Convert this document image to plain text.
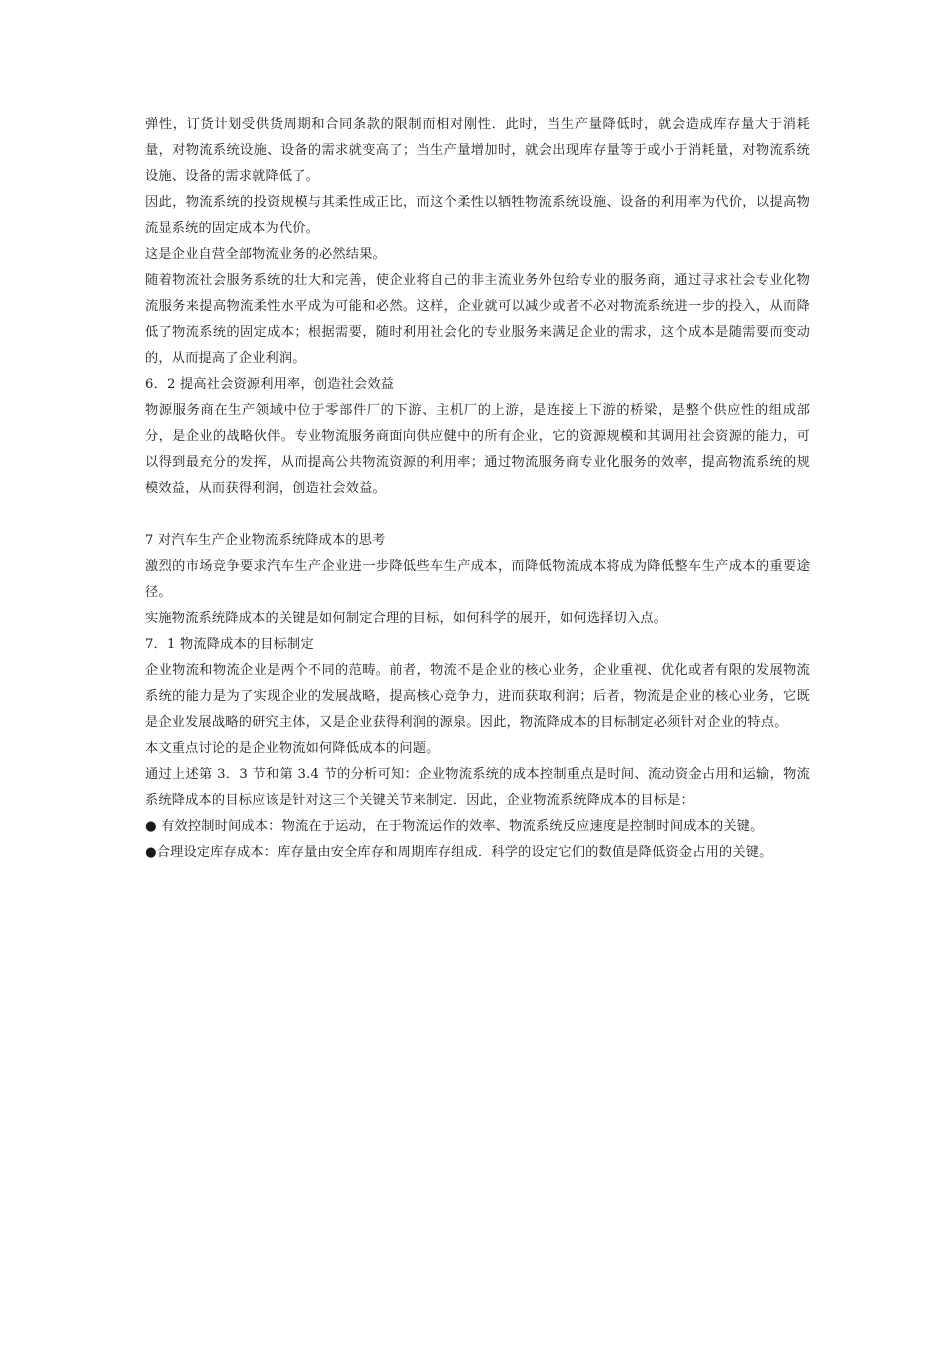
弹性，订货计划受供货周期和合同条款的限制而相对刚性．此时，当生产量降低时，就会造成库存量大于消耗量，对物流系统设施、设备的需求就变高了；当生产量增加时，就会出现库存量等于或小于消耗量，对物流系统设施、设备的需求就降低了。

因此，物流系统的投资规模与其柔性成正比，而这个柔性以牺牲物流系统设施、设备的利用率为代价，以提高物流显系统的固定成本为代价。

这是企业自营全部物流业务的必然结果。

随着物流社会服务系统的壮大和完善，使企业将自己的非主流业务外包给专业的服务商，通过寻求社会专业化物流服务来提高物流柔性水平成为可能和必然。这样，企业就可以减少或者不必对物流系统进一步的投入，从而降低了物流系统的固定成本；根据需要，随时利用社会化的专业服务来满足企业的需求，这个成本是随需要而变动的，从而提高了企业利润。

6．2 提高社会资源利用率，创造社会效益

物源服务商在生产领域中位于零部件厂的下游、主机厂的上游，是连接上下游的桥梁，是整个供应性的组成部分，是企业的战略伙伴。专业物流服务商面向供应健中的所有企业，它的资源规模和其调用社会资源的能力，可以得到最充分的发挥，从而提高公共物流资源的利用率；通过物流服务商专业化服务的效率，提高物流系统的规模效益，从而获得利润，创造社会效益。

7 对汽车生产企业物流系统降成本的思考

激烈的市场竞争要求汽车生产企业进一步降低些车生产成本，而降低物流成本将成为降低整车生产成本的重要途径。

实施物流系统降成本的关键是如何制定合理的目标，如何科学的展开，如何选择切入点。

7．1 物流降成本的目标制定

企业物流和物流企业是两个不同的范畴。前者，物流不是企业的核心业务，企业重视、优化或者有限的发展物流系统的能力是为了实现企业的发展战略，提高核心竞争力，进而获取利润；后者，物流是企业的核心业务，它既是企业发展战略的研究主体，又是企业获得利润的源泉。因此，物流降成本的目标制定必须针对企业的特点。

本文重点讨论的是企业物流如何降低成本的问题。

通过上述第 3．3 节和第 3.4 节的分析可知：企业物流系统的成本控制重点是时间、流动资金占用和运输，物流系统降成本的目标应该是针对这三个关键关节来制定．因此，企业物流系统降成本的目标是：

● 有效控制时间成本：物流在于运动，在于物流运作的效率、物流系统反应速度是控制时间成本的关键。

●合理设定库存成本：库存量由安全库存和周期库存组成．科学的设定它们的数值是降低资金占用的关键。
